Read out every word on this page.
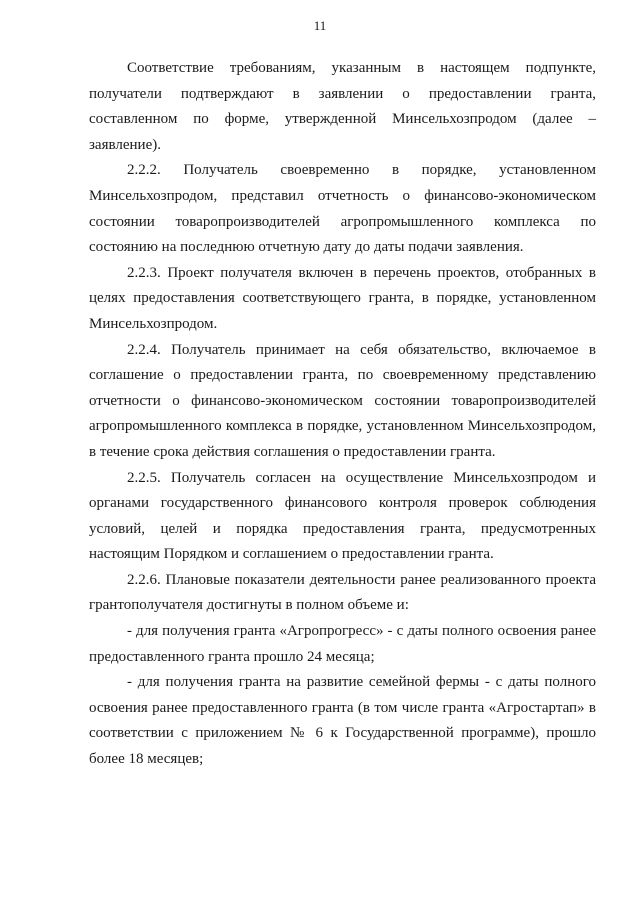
11

Соответствие требованиям, указанным в настоящем подпункте, получатели подтверждают в заявлении о предоставлении гранта, составленном по форме, утвержденной Минсельхозпродом (далее – заявление).

2.2.2. Получатель своевременно в порядке, установленном Минсельхозпродом, представил отчетность о финансово-экономическом состоянии товаропроизводителей агропромышленного комплекса по состоянию на последнюю отчетную дату до даты подачи заявления.

2.2.3. Проект получателя включен в перечень проектов, отобранных в целях предоставления соответствующего гранта, в порядке, установленном Минсельхозпродом.

2.2.4. Получатель принимает на себя обязательство, включаемое в соглашение о предоставлении гранта, по своевременному представлению отчетности о финансово-экономическом состоянии товаропроизводителей агропромышленного комплекса в порядке, установленном Минсельхозпродом, в течение срока действия соглашения о предоставлении гранта.

2.2.5. Получатель согласен на осуществление Минсельхозпродом и органами государственного финансового контроля проверок соблюдения условий, целей и порядка предоставления гранта, предусмотренных настоящим Порядком и соглашением о предоставлении гранта.

2.2.6. Плановые показатели деятельности ранее реализованного проекта грантополучателя достигнуты в полном объеме и:

- для получения гранта «Агропрогресс» - с даты полного освоения ранее предоставленного гранта прошло 24 месяца;

- для получения гранта на развитие семейной фермы - с даты полного освоения ранее предоставленного гранта (в том числе гранта «Агростартап» в соответствии с приложением № 6 к Государственной программе), прошло более 18 месяцев;
